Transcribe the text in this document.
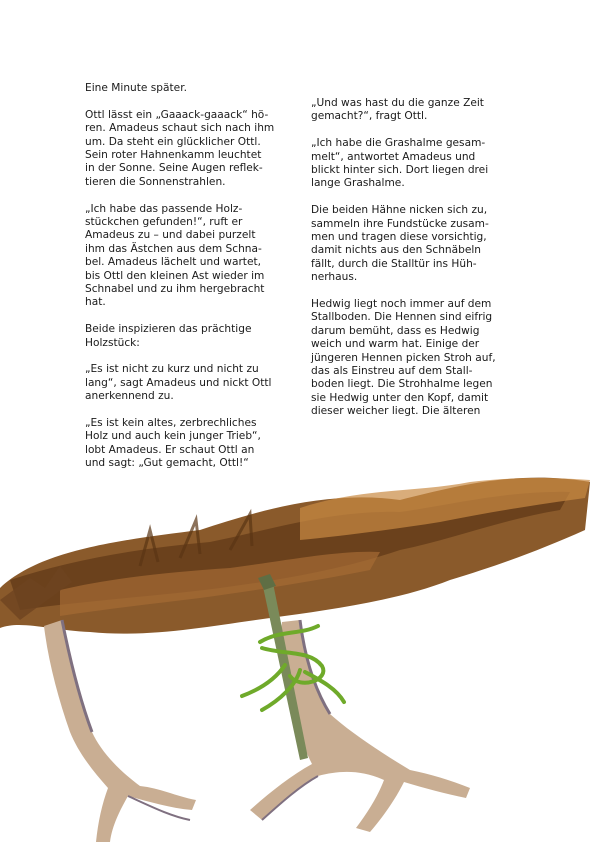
Eine Minute später.

Ottl lässt ein „Gaaack-gaaack“ hö-
ren. Amadeus schaut sich nach ihm
um. Da steht ein glücklicher Ottl.
Sein roter Hahnenkamm leuchtet
in der Sonne. Seine Augen reflek-
tieren die Sonnenstrahlen.

„Ich habe das passende Holz-
stückchen gefunden!“, ruft er
Amadeus zu – und dabei purzelt
ihm das Ästchen aus dem Schna-
bel. Amadeus lächelt und wartet,
bis Ottl den kleinen Ast wieder im
Schnabel und zu ihm hergebracht
hat.

Beide inspizieren das prächtige
Holzstück:

„Es ist nicht zu kurz und nicht zu
lang“, sagt Amadeus und nickt Ottl
anerkennend zu.

„Es ist kein altes, zerbrechliches
Holz und auch kein junger Trieb“,
lobt Amadeus. Er schaut Ottl an
und sagt: „Gut gemacht, Ottl!“

„Und was hast du die ganze Zeit
gemacht?“, fragt Ottl.

„Ich habe die Grashalme gesam-
melt“, antwortet Amadeus und
blickt hinter sich. Dort liegen drei
lange Grashalme.

Die beiden Hähne nicken sich zu,
sammeln ihre Fundstücke zusam-
men und tragen diese vorsichtig,
damit nichts aus den Schnäbeln
fällt, durch die Stalltür ins Hüh-
nerhaus.

Hedwig liegt noch immer auf dem
Stallboden. Die Hennen sind eifrig
darum bemüht, dass es Hedwig
weich und warm hat. Einige der
jüngeren Hennen picken Stroh auf,
das als Einstreu auf dem Stall-
boden liegt. Die Strohhalme legen
sie Hedwig unter den Kopf, damit
dieser weicher liegt. Die älteren
